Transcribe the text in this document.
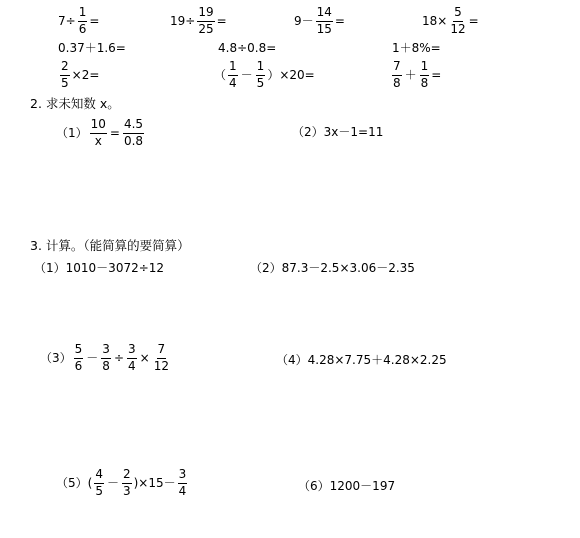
$7\div \frac{1}{6}$ =	$19\div \frac{19}{25}$ =	$9- \frac{14}{15}$ =	$18\times \frac{5}{12}$ =
0.37＋1.6=	4.8÷0.8=	1＋8%=
$\frac{2}{5} \times 2=$	（ $\frac{1}{4} - \frac{1}{5} )\times 20=$	$\frac{7}{8} + \frac{1}{8}$ =
2. 求未知数 x。
$(1) \frac{10}{x} = \frac{4.5}{0.8}$	（2） 3x－1=11
3. 计算。（能简算的要简算）
（1） 1010－3072÷12	（2） 87.3－2.5×3.06－2.35
$(3) \frac{5}{6} - \frac{3}{8} \div \frac{3}{4} \times \frac{7}{12}$	（4） 4.28×7.75＋4.28×2.25
（5） ( $\frac{4}{5} - \frac{2}{3} )\times 15- \frac{3}{4}$	（6） 1200－197
